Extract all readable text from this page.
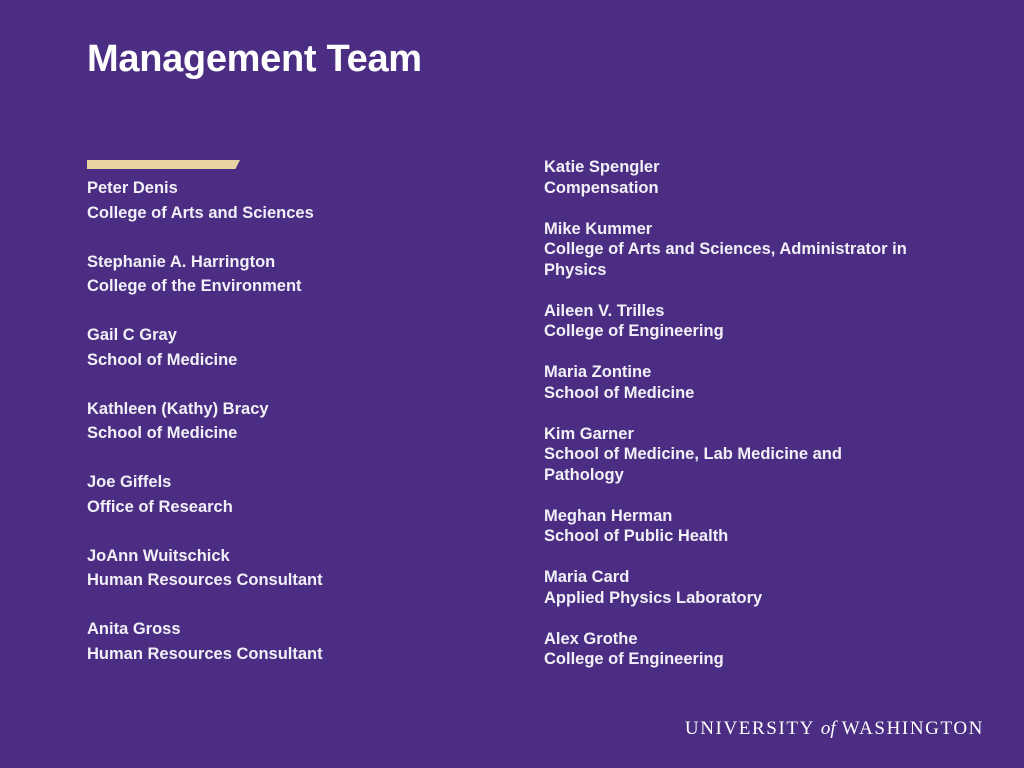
Management Team
Peter Denis
College of Arts and Sciences
Stephanie A. Harrington
College of the Environment
Gail C Gray
School of Medicine
Kathleen (Kathy) Bracy
School of Medicine
Joe Giffels
Office of Research
JoAnn Wuitschick
Human Resources Consultant
Anita Gross
Human Resources Consultant
Katie Spengler
Compensation
Mike Kummer
College of Arts and Sciences, Administrator in Physics
Aileen V. Trilles
College of Engineering
Maria Zontine
School of Medicine
Kim Garner
School of Medicine, Lab Medicine and Pathology
Meghan Herman
School of Public Health
Maria Card
Applied Physics Laboratory
Alex Grothe
College of Engineering
UNIVERSITY of WASHINGTON
